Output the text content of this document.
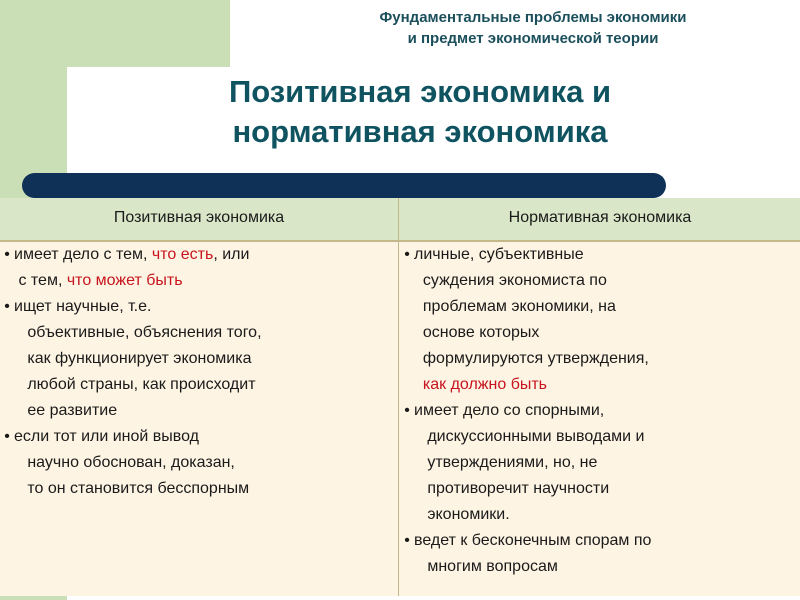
Фундаментальные проблемы экономики
и предмет экономической теории
Позитивная экономика и
нормативная экономика
Позитивная экономика	Нормативная экономика
• имеет дело с тем, что есть, или
с тем, что может быть
• ищет научные, т.е.
объективные, объяснения того,
как функционирует экономика
любой страны, как происходит
ее развитие
• если тот или иной вывод
научно обоснован, доказан,
то он становится бесспорным
• личные, субъективные
суждения экономиста по
проблемам экономики, на
основе которых
формулируются утверждения,
как должно быть
• имеет дело со спорными,
дискуссионными выводами и
утверждениями, но, не
противоречит научности
экономики.
• ведет к бесконечным спорам по
многим вопросам
